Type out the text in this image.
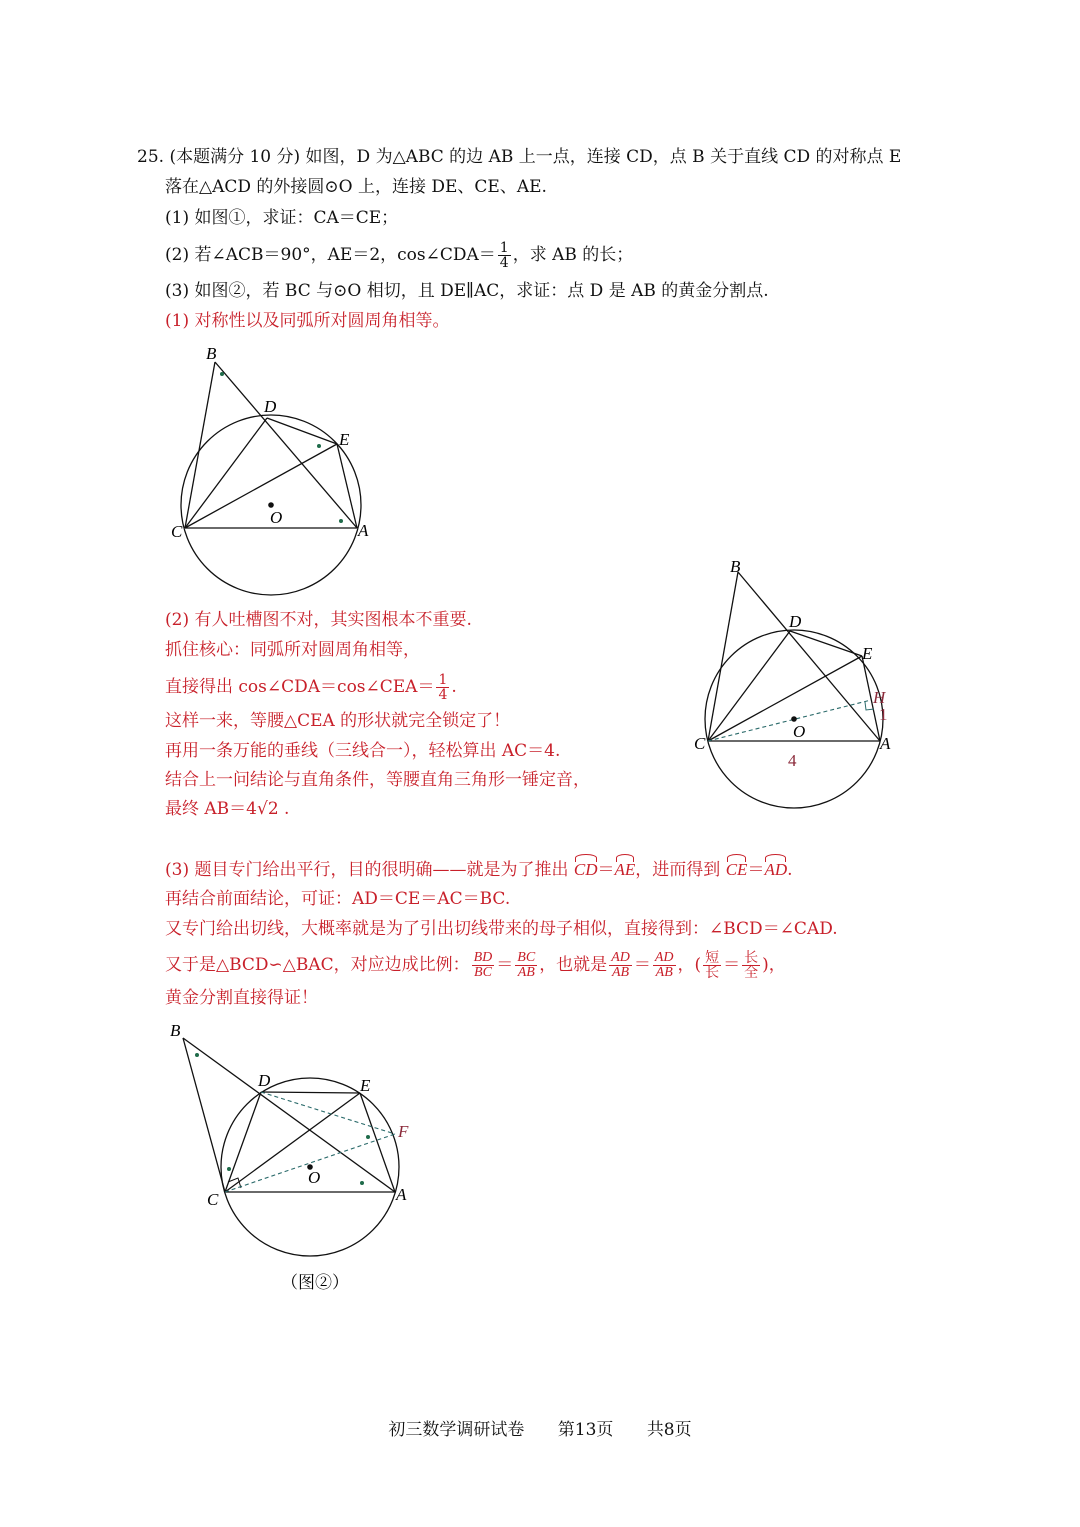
25. (本题满分 10 分) 如图，D 为△ABC 的边 AB 上一点，连接 CD，点 B 关于直线 CD 的对称点 E
落在△ACD 的外接圆⊙O 上，连接 DE、CE、AE.
(1) 如图①，求证：CA＝CE；
(2) 若∠ACB＝90°，AE＝2，cos∠CDA＝ $\frac{1}{4}$ ，求 AB 的长；
(3) 如图②，若 BC 与⊙O 相切，且 DE∥AC，求证：点 D 是 AB 的黄金分割点.
(1) 对称性以及同弧所对圆周角相等。
(2) 有人吐槽图不对，其实图根本不重要.
抓住核心：同弧所对圆周角相等，
直接得出 cos∠CDA＝cos∠CEA＝ $\frac{1}{4}$ .
这样一来，等腰△CEA 的形状就完全锁定了！
再用一条万能的垂线（三线合一），轻松算出 AC＝4.
结合上一问结论与直角条件，等腰直角三角形一锤定音，
最终 AB＝4√2 .
(3) 题目专门给出平行，目的很明确——就是为了推出 CD＝AE，进而得到 CE＝AD.
再结合前面结论，可证：AD＝CE＝AC＝BC.
又专门给出切线，大概率就是为了引出切线带来的母子相似，直接得到：∠BCD＝∠CAD.
又于是△BCD∽△BAC，对应边成比例： $\frac{BD}{BC} = \frac{BC}{AB}$ ，也就是 $\frac{AD}{AB} = \frac{AD}{AB}$ ，( $\frac{\text{短}}{\text{长}} = \frac{\text{长}}{\text{全}}$ )，
黄金分割直接得证！
B
D
E
C
O
A
B
D
E
H
1
C
O
A
4
B
D	E
F
C
O
A
（图②）
初三数学调研试卷 第13页 共8页
